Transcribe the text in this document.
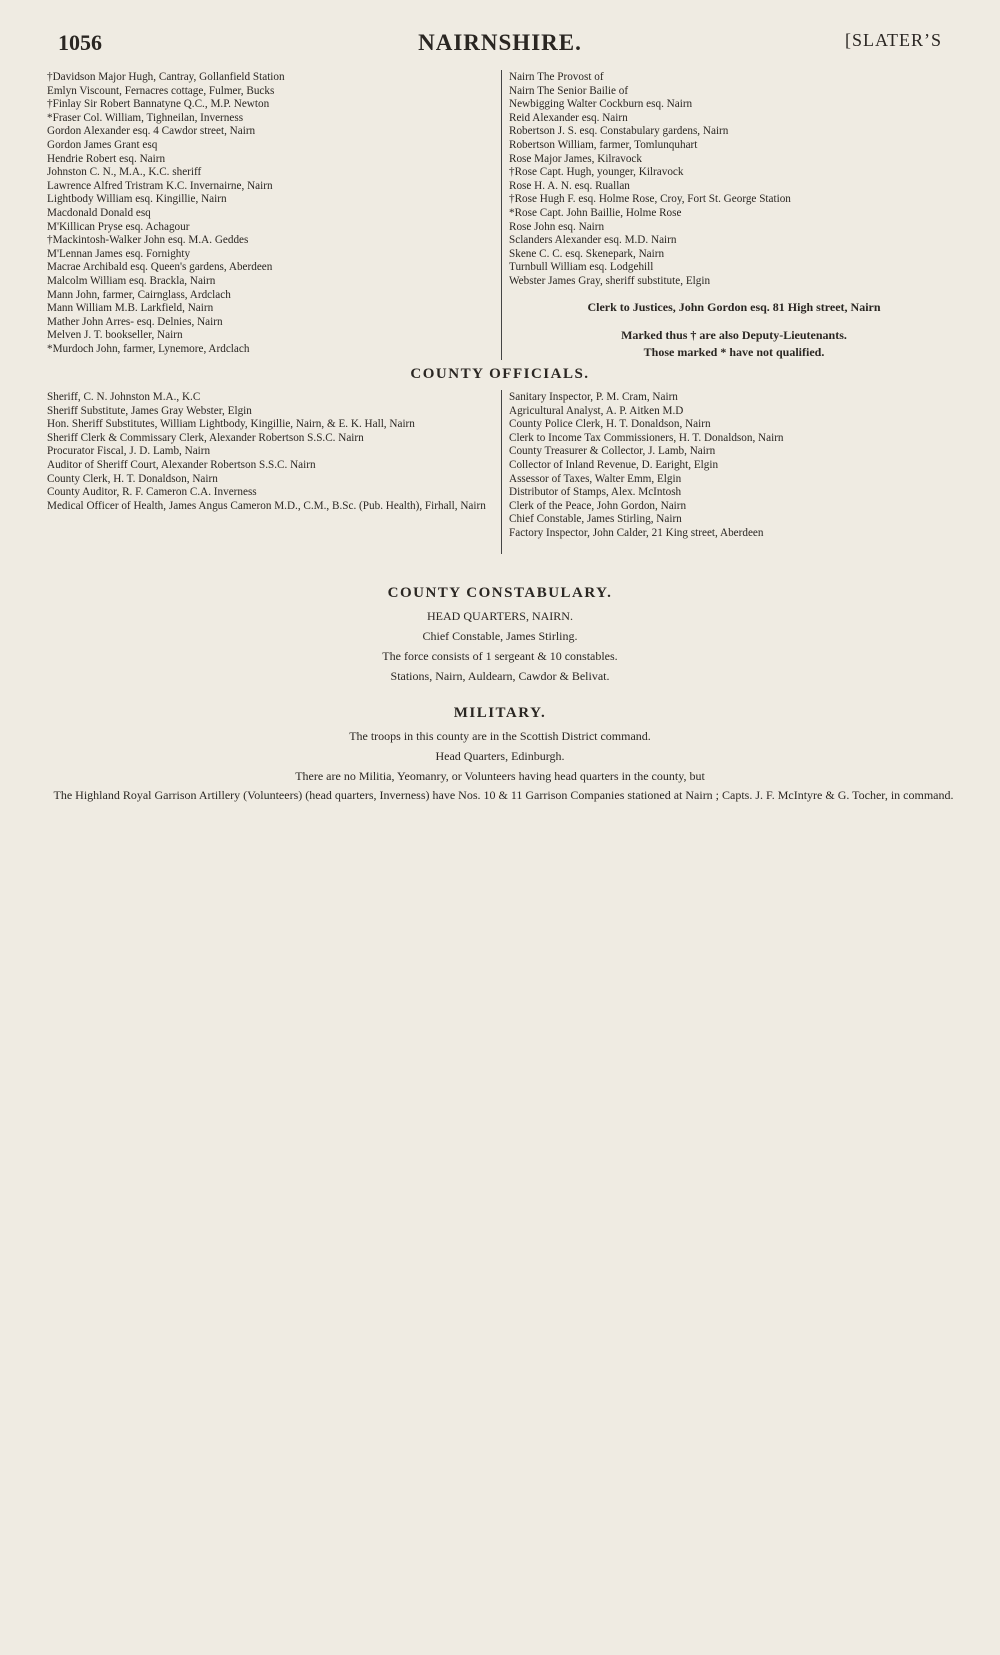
1056	NAIRNSHIRE.	[SLATER’S
†Davidson Major Hugh, Cantray, Gollanfield Station
Emlyn Viscount, Fernacres cottage, Fulmer, Bucks
†Finlay Sir Robert Bannatyne Q.C., M.P. Newton
*Fraser Col. William, Tighneilan, Inverness
Gordon Alexander esq. 4 Cawdor street, Nairn
Gordon James Grant esq
Hendrie Robert esq. Nairn
Johnston C. N., M.A., K.C. sheriff
Lawrence Alfred Tristram K.C. Invernairne, Nairn
Lightbody William esq. Kingillie, Nairn
Macdonald Donald esq
M'Killican Pryse esq. Achagour
†Mackintosh-Walker John esq. M.A. Geddes
M'Lennan James esq. Fornighty
Macrae Archibald esq. Queen's gardens, Aberdeen
Malcolm William esq. Brackla, Nairn
Mann John, farmer, Cairnglass, Ardclach
Mann William M.B. Larkfield, Nairn
Mather John Arres- esq. Delnies, Nairn
Melven J. T. bookseller, Nairn
*Murdoch John, farmer, Lynemore, Ardclach
Nairn The Provost of
Nairn The Senior Bailie of
Newbigging Walter Cockburn esq. Nairn
Reid Alexander esq. Nairn
Robertson J. S. esq. Constabulary gardens, Nairn
Robertson William, farmer, Tomlunquhart
Rose Major James, Kilravock
†Rose Capt. Hugh, younger, Kilravock
Rose H. A. N. esq. Ruallan
†Rose Hugh F. esq. Holme Rose, Croy, Fort St. George Station
*Rose Capt. John Baillie, Holme Rose
Rose John esq. Nairn
Sclanders Alexander esq. M.D. Nairn
Skene C. C. esq. Skenepark, Nairn
Turnbull William esq. Lodgehill
Webster James Gray, sheriff substitute, Elgin
Clerk to Justices, John Gordon esq. 81 High street, Nairn
Marked thus † are also Deputy-Lieutenants.
Those marked * have not qualified.
COUNTY OFFICIALS.
Sheriff, C. N. Johnston M.A., K.C
Sheriff Substitute, James Gray Webster, Elgin
Hon. Sheriff Substitutes, William Lightbody, Kingillie, Nairn, & E. K. Hall, Nairn
Sheriff Clerk & Commissary Clerk, Alexander Robertson S.S.C. Nairn
Procurator Fiscal, J. D. Lamb, Nairn
Auditor of Sheriff Court, Alexander Robertson S.S.C. Nairn
County Clerk, H. T. Donaldson, Nairn
County Auditor, R. F. Cameron C.A. Inverness
Medical Officer of Health, James Angus Cameron M.D., C.M., B.Sc. (Pub. Health), Firhall, Nairn
Sanitary Inspector, P. M. Cram, Nairn
Agricultural Analyst, A. P. Aitken M.D
County Police Clerk, H. T. Donaldson, Nairn
Clerk to Income Tax Commissioners, H. T. Donaldson, Nairn
County Treasurer & Collector, J. Lamb, Nairn
Collector of Inland Revenue, D. Earight, Elgin
Assessor of Taxes, Walter Emm, Elgin
Distributor of Stamps, Alex. McIntosh
Clerk of the Peace, John Gordon, Nairn
Chief Constable, James Stirling, Nairn
Factory Inspector, John Calder, 21 King street, Aberdeen
COUNTY CONSTABULARY.
HEAD QUARTERS, NAIRN.
Chief Constable, James Stirling.
The force consists of 1 sergeant & 10 constables.
Stations, Nairn, Auldearn, Cawdor & Belivat.
MILITARY.
The troops in this county are in the Scottish District command.
Head Quarters, Edinburgh.
There are no Militia, Yeomanry, or Volunteers having head quarters in the county, but
The Highland Royal Garrison Artillery (Volunteers) (head quarters, Inverness) have Nos. 10 & 11 Garrison Companies stationed at Nairn ; Capts. J. F. McIntyre & G. Tocher, in command.
